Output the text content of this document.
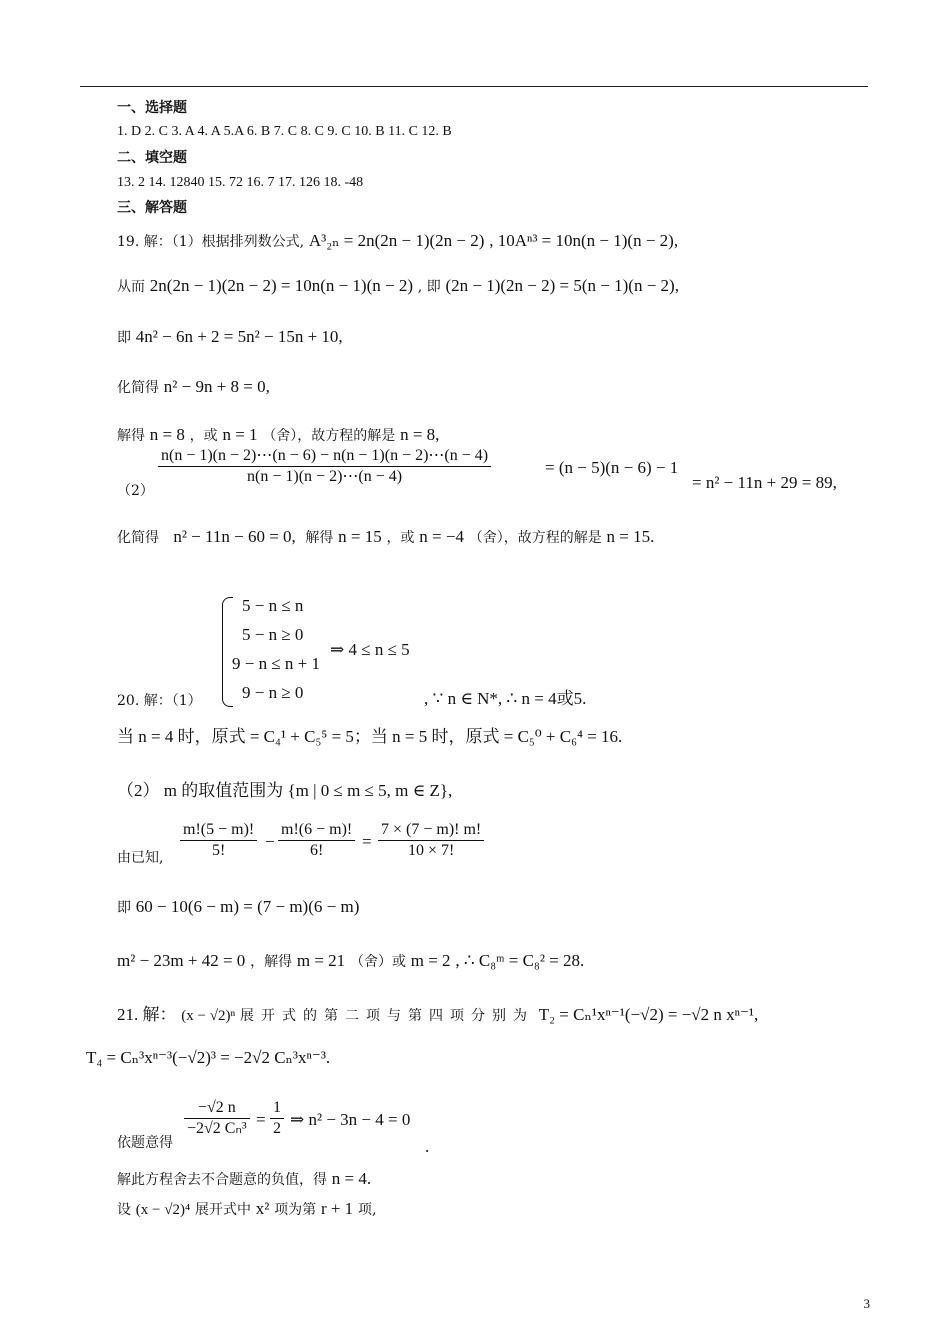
一、选择题
1. D 2. C 3. A 4. A 5.A 6. B 7. C 8. C 9. C 10. B 11. C 12. B
二、填空题
13. 2 14. 12840 15. 72 16. 7 17. 126 18. -48
三、解答题
19. 解：（1）根据排列数公式, A³₂ₙ = 2n(2n − 1)(2n − 2) , 10Aⁿ³ = 10n(n − 1)(n − 2),
从而 2n(2n − 1)(2n − 2) = 10n(n − 1)(n − 2) , 即 (2n − 1)(2n − 2) = 5(n − 1)(n − 2),
即 4n² − 6n + 2 = 5n² − 15n + 10,
化简得 n² − 9n + 8 = 0,
解得 n = 8 ，或 n = 1 （舍），故方程的解是 n = 8,
（2）
n(n − 1)(n − 2)⋯(n − 6) − n(n − 1)(n − 2)⋯(n − 4)
n(n − 1)(n − 2)⋯(n − 4)	= (n − 5)(n − 6) − 1
= n² − 11n + 29 = 89,
化简得 n² − 11n − 60 = 0, 解得 n = 15 ，或 n = −4 （舍），故方程的解是 n = 15.
5 − n ≤ n
5 − n ≥ 0
9 − n ≤ n + 1
9 − n ≥ 0
⇒ 4 ≤ n ≤ 5
20. 解：（1）	, ∵ n ∈ N*, ∴ n = 4或5.
当 n = 4 时，原式 = C₄¹ + C₅⁵ = 5；当 n = 5 时，原式 = C₅⁰ + C₆⁴ = 16.
（2） m 的取值范围为 {m | 0 ≤ m ≤ 5, m ∈ Z},
由已知,
m!(5 − m)!
5! −
m!(6 − m)!
6! =
7 × (7 − m)! m!
10 × 7!
即 60 − 10(6 − m) = (7 − m)(6 − m)
m² − 23m + 42 = 0 ，解得 m = 21 （舍）或 m = 2 , ∴ C₈ᵐ = C₈² = 28.
21. 解： (x − √2)ⁿ 展开式的第二项与第四项分别为 T₂ = Cₙ¹xⁿ⁻¹(−√2) = −√2 n xⁿ⁻¹,
T₄ = Cₙ³xⁿ⁻³(−√2)³ = −2√2 Cₙ³xⁿ⁻³.
依题意得
−√2 n
−2√2 Cₙ³ =
1
2 ⇒ n² − 3n − 4 = 0
.
解此方程舍去不合题意的负值，得 n = 4.
设 (x − √2)⁴ 展开式中 x² 项为第 r + 1 项,
3
